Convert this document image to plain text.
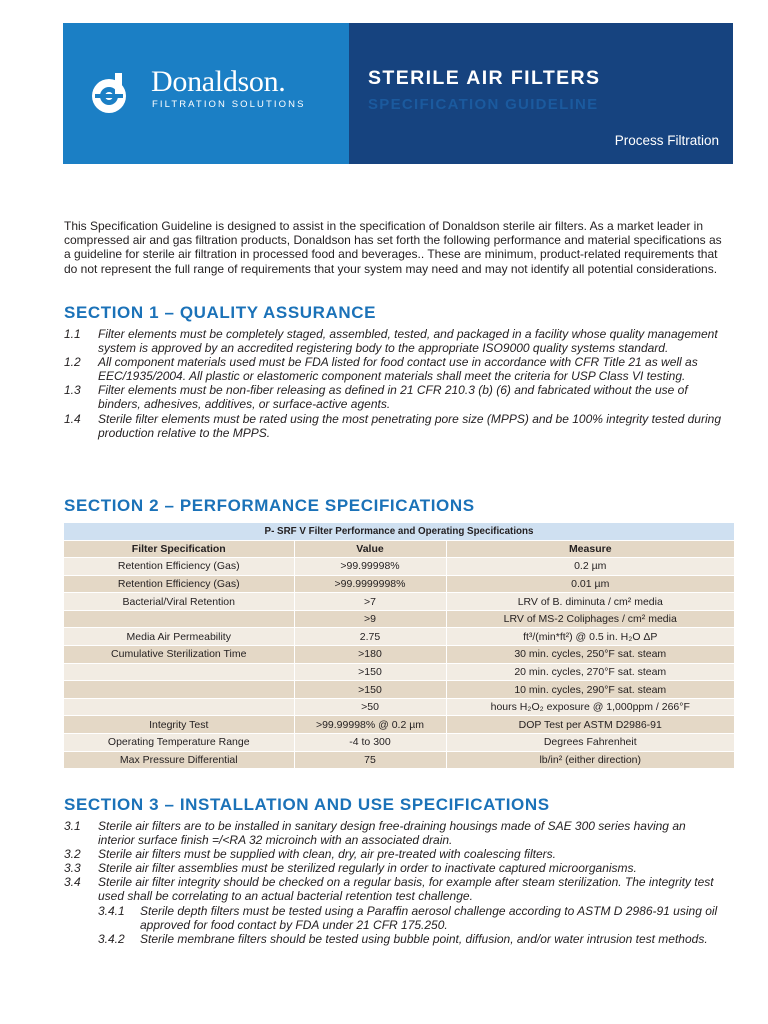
Donaldson.
FILTRATION SOLUTIONS
STERILE AIR FILTERS
SPECIFICATION GUIDELINE
Process Filtration

This Specification Guideline is designed to assist in the specification of Donaldson sterile air filters. As a market leader in compressed air and gas filtration products, Donaldson has set forth the following performance and material specifications as a guideline for sterile air filtration in processed food and beverages.. These are minimum, product-related requirements that do not represent the full range of requirements that your system may need and may not identify all potential considerations.

SECTION 1 – QUALITY ASSURANCE
1.1	Filter elements must be completely staged, assembled, tested, and packaged in a facility whose quality management system is approved by an accredited registering body to the appropriate ISO9000 quality systems standard.
1.2	All component materials used must be FDA listed for food contact use in accordance with CFR Title 21 as well as EEC/1935/2004. All plastic or elastomeric component materials shall meet the criteria for USP Class VI testing.
1.3	Filter elements must be non-fiber releasing as defined in 21 CFR 210.3 (b) (6) and fabricated without the use of binders, adhesives, additives, or surface-active agents.
1.4	Sterile filter elements must be rated using the most penetrating pore size (MPPS) and be 100% integrity tested during production relative to the MPPS.
SECTION 2 – PERFORMANCE SPECIFICATIONS
P- SRF V Filter Performance and Operating Specifications		
Filter Specification	Value	Measure
Retention Efficiency (Gas)	>99.99998%	0.2 µm
Retention Efficiency (Gas)	>99.9999998%	0.01 µm
Bacterial/Viral Retention	>7	LRV of B. diminuta / cm² media
	>9	LRV of MS-2 Coliphages / cm² media
Media Air Permeability	2.75	ft³/(min*ft²) @ 0.5 in. H₂O ΔP
Cumulative Sterilization Time	>180	30 min. cycles, 250°F sat. steam
	>150	20 min. cycles, 270°F sat. steam
	>150	10 min. cycles, 290°F sat. steam
	>50	hours H₂O₂ exposure @ 1,000ppm / 266°F
Integrity Test	>99.99998% @ 0.2 µm	DOP Test per ASTM D2986-91
Operating Temperature Range	-4 to 300	Degrees Fahrenheit
Max Pressure Differential	75	lb/in² (either direction)
SECTION 3 – INSTALLATION AND USE SPECIFICATIONS
3.1	Sterile air filters are to be installed in sanitary design free-draining housings made of SAE 300 series having an interior surface finish =/<RA 32 microinch with an associated drain.
3.2	Sterile air filters must be supplied with clean, dry, air pre-treated with coalescing filters.
3.3	Sterile air filter assemblies must be sterilized regularly in order to inactivate captured microorganisms.
3.4	Sterile air filter integrity should be checked on a regular basis, for example after steam sterilization. The integrity test used shall be correlating to an actual bacterial retention test challenge.
3.4.1	Sterile depth filters must be tested using a Paraffin aerosol challenge according to ASTM D 2986-91 using oil approved for food contact by FDA under 21 CFR 175.250.
3.4.2	Sterile membrane filters should be tested using bubble point, diffusion, and/or water intrusion test methods.
